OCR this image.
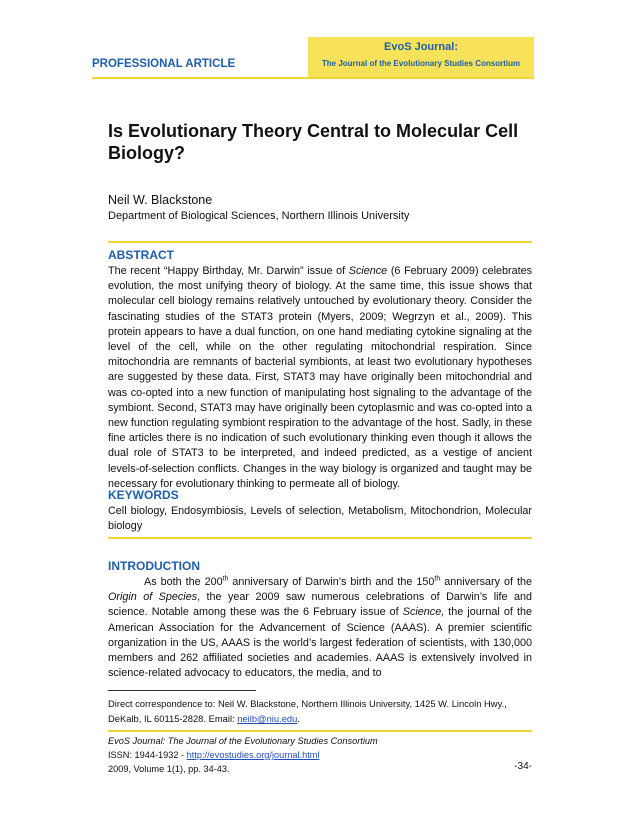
PROFESSIONAL ARTICLE
EvoS Journal:
The Journal of the Evolutionary Studies Consortium
Is Evolutionary Theory Central to Molecular Cell Biology?
Neil W. Blackstone
Department of Biological Sciences, Northern Illinois University
ABSTRACT

The recent “Happy Birthday, Mr. Darwin” issue of Science (6 February 2009) celebrates evolution, the most unifying theory of biology. At the same time, this issue shows that molecular cell biology remains relatively untouched by evolutionary theory. Consider the fascinating studies of the STAT3 protein (Myers, 2009; Wegrzyn et al., 2009). This protein appears to have a dual function, on one hand mediating cytokine signaling at the level of the cell, while on the other regulating mitochondrial respiration. Since mitochondria are remnants of bacterial symbionts, at least two evolutionary hypotheses are suggested by these data. First, STAT3 may have originally been mitochondrial and was co-opted into a new function of manipulating host signaling to the advantage of the symbiont. Second, STAT3 may have originally been cytoplasmic and was co-opted into a new function regulating symbiont respiration to the advantage of the host. Sadly, in these fine articles there is no indication of such evolutionary thinking even though it allows the dual role of STAT3 to be interpreted, and indeed predicted, as a vestige of ancient levels-of-selection conflicts. Changes in the way biology is organized and taught may be necessary for evolutionary thinking to permeate all of biology.

KEYWORDS
Cell biology, Endosymbiosis, Levels of selection, Metabolism, Mitochondrion, Molecular biology
INTRODUCTION

As both the 200th anniversary of Darwin’s birth and the 150th anniversary of the Origin of Species, the year 2009 saw numerous celebrations of Darwin’s life and science. Notable among these was the 6 February issue of Science, the journal of the American Association for the Advancement of Science (AAAS). A premier scientific organization in the US, AAAS is the world’s largest federation of scientists, with 130,000 members and 262 affiliated societies and academies. AAAS is extensively involved in science-related advocacy to educators, the media, and to

Direct correspondence to: Neil W. Blackstone, Northern Illinois University, 1425 W. Lincoln Hwy., DeKalb, IL 60115-2828. Email: neilb@niu.edu.
EvoS Journal: The Journal of the Evolutionary Studies Consortium
ISSN: 1944-1932 - http://evostudies.org/journal.html
2009, Volume 1(1), pp. 34-43.	-34-
